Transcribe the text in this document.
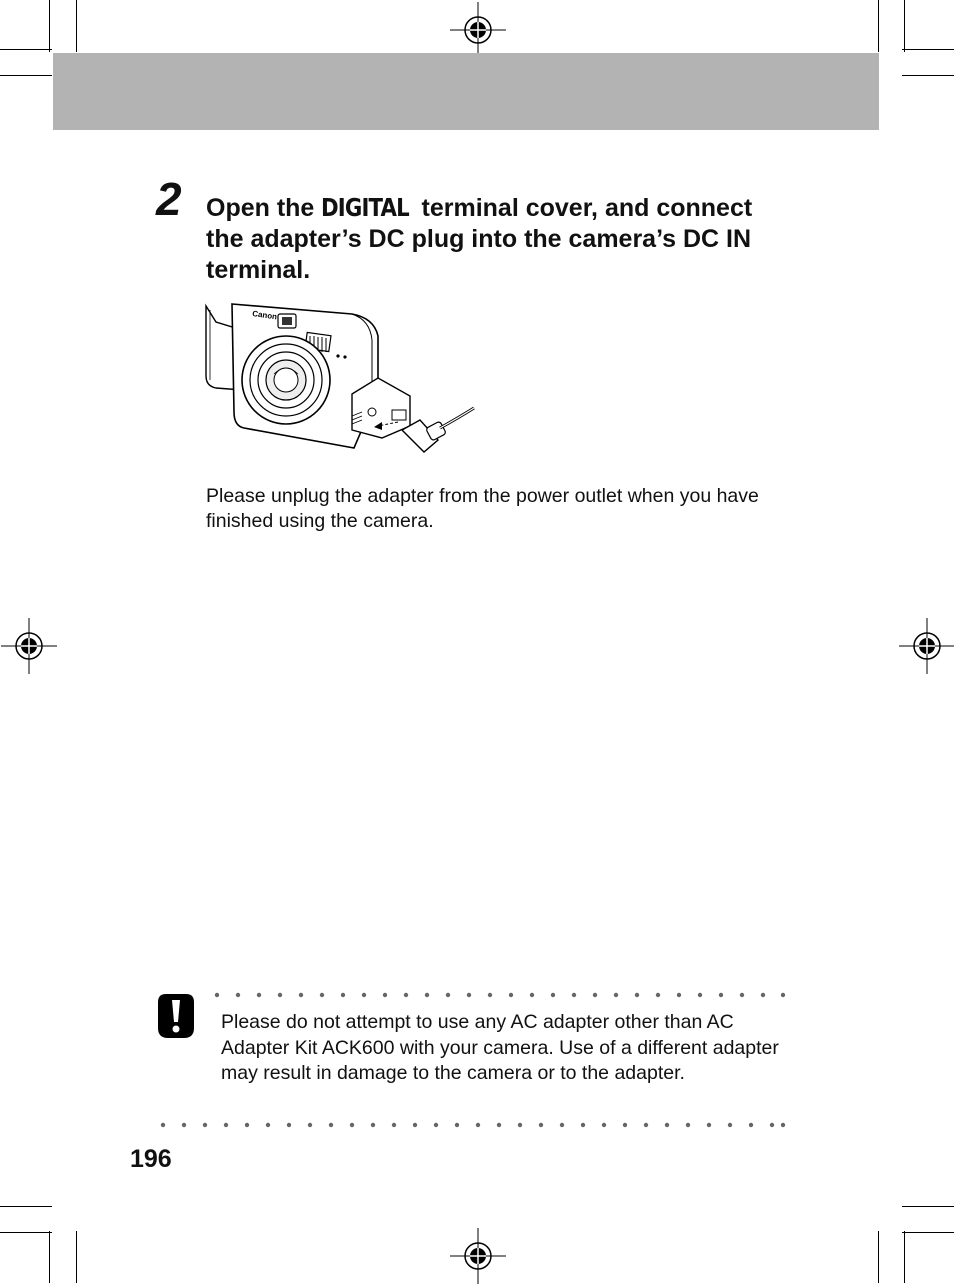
2 Open the DIGITAL terminal cover, and connect the adapter’s DC plug into the camera’s DC IN terminal.
Canon
Please unplug the adapter from the power outlet when you have finished using the camera.
Please do not attempt to use any AC adapter other than AC Adapter Kit ACK600 with your camera. Use of a different adapter may result in damage to the camera or to the adapter.
196
